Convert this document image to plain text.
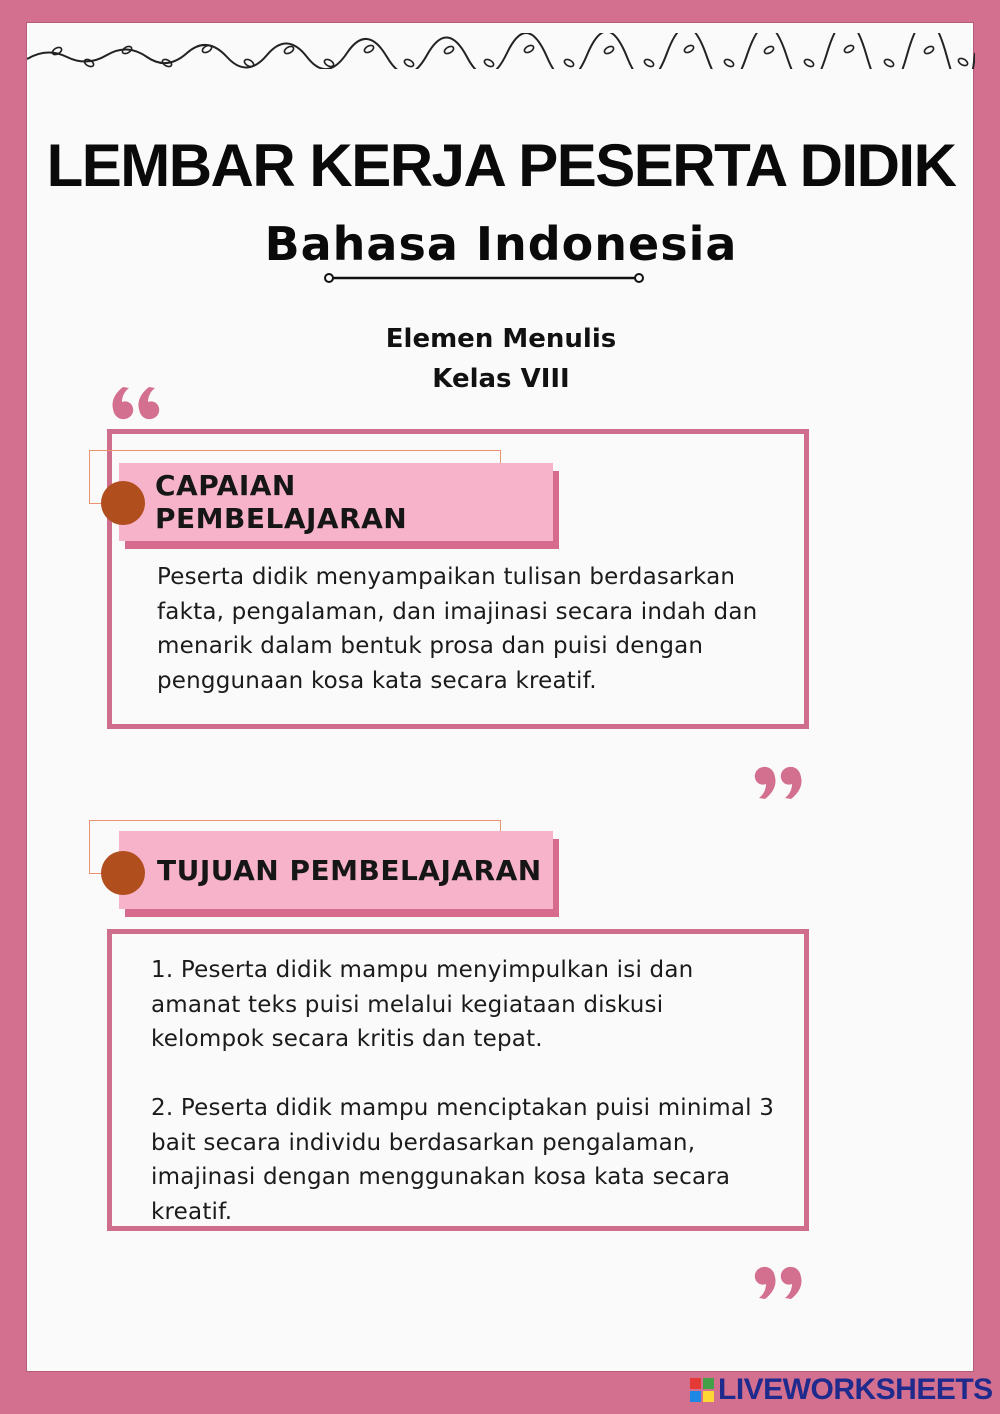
LEMBAR KERJA PESERTA DIDIK
Bahasa Indonesia
Elemen Menulis
Kelas VIII
CAPAIAN PEMBELAJARAN

Peserta didik menyampaikan tulisan berdasarkan

fakta, pengalaman, dan imajinasi secara indah dan

menarik dalam bentuk prosa dan puisi dengan

penggunaan kosa kata secara kreatif.

TUJUAN PEMBELAJARAN

1. Peserta didik mampu menyimpulkan isi dan

amanat teks puisi melalui kegiataan diskusi

kelompok secara kritis dan tepat.

2. Peserta didik mampu menciptakan puisi minimal 3

bait secara individu berdasarkan pengalaman,

imajinasi dengan menggunakan kosa kata secara

kreatif.

LIVEWORKSHEETS
